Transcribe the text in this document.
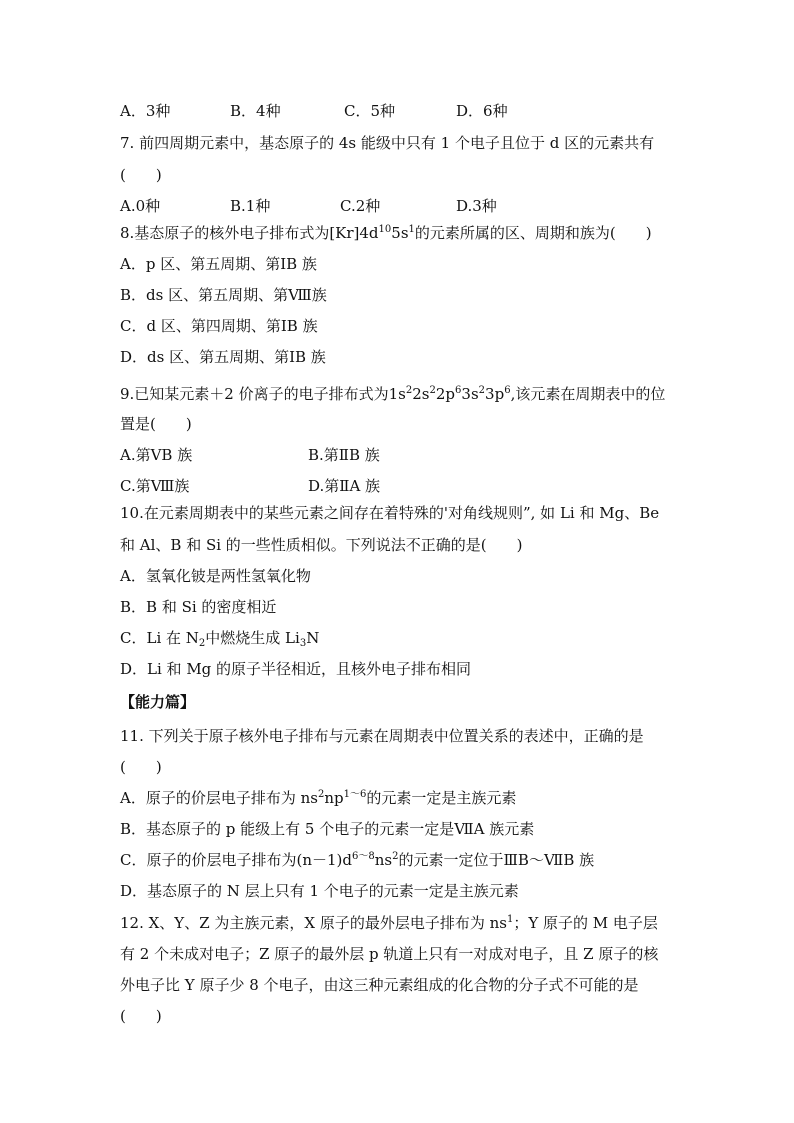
A．3种	B．4种	C．5种	D．6种
7. 前四周期元素中，基态原子的 4s 能级中只有 1 个电子且位于 d 区的元素共有
(　　)
A.0种	B.1种	C.2种	D.3种
8.基态原子的核外电子排布式为$[Kr]4d^{10}5s^1$的元素所属的区、周期和族为(　　)
A．p 区、第五周期、第ⅠB 族
B．ds 区、第五周期、第Ⅷ族
C．d 区、第四周期、第ⅠB 族
D．ds 区、第五周期、第ⅠB 族
9.已知某元素＋2 价离子的电子排布式为$1s^22s^22p^63s^23p^6$,该元素在周期表中的位
置是(　　)
A.第ⅤB 族	B.第ⅡB 族
C.第Ⅷ族	D.第ⅡA 族
10.在元素周期表中的某些元素之间存在着特殊的'对角线规则”, 如 Li 和 Mg、Be
和 Al、B 和 Si 的一些性质相似。下列说法不正确的是(　　)
A．氢氧化铍是两性氢氧化物
B．B 和 Si 的密度相近
C．Li 在 $N_2$中燃烧生成 $Li_3N$
D．Li 和 Mg 的原子半径相近，且核外电子排布相同
【能力篇】
11. 下列关于原子核外电子排布与元素在周期表中位置关系的表述中，正确的是
(　　)
A．原子的价层电子排布为 $ns^2np^{1\sim 6}$的元素一定是主族元素
B．基态原子的 p 能级上有 5 个电子的元素一定是ⅦA 族元素
C．原子的价层电子排布为$(n-1)d^{6\sim 8}ns^2$的元素一定位于ⅢB～ⅦB 族
D．基态原子的 N 层上只有 1 个电子的元素一定是主族元素
12. X、Y、Z 为主族元素，X 原子的最外层电子排布为 $ns^1$；Y 原子的 M 电子层
有 2 个未成对电子；Z 原子的最外层 p 轨道上只有一对成对电子，且 Z 原子的核
外电子比 Y 原子少 8 个电子，由这三种元素组成的化合物的分子式不可能的是
(　　)
